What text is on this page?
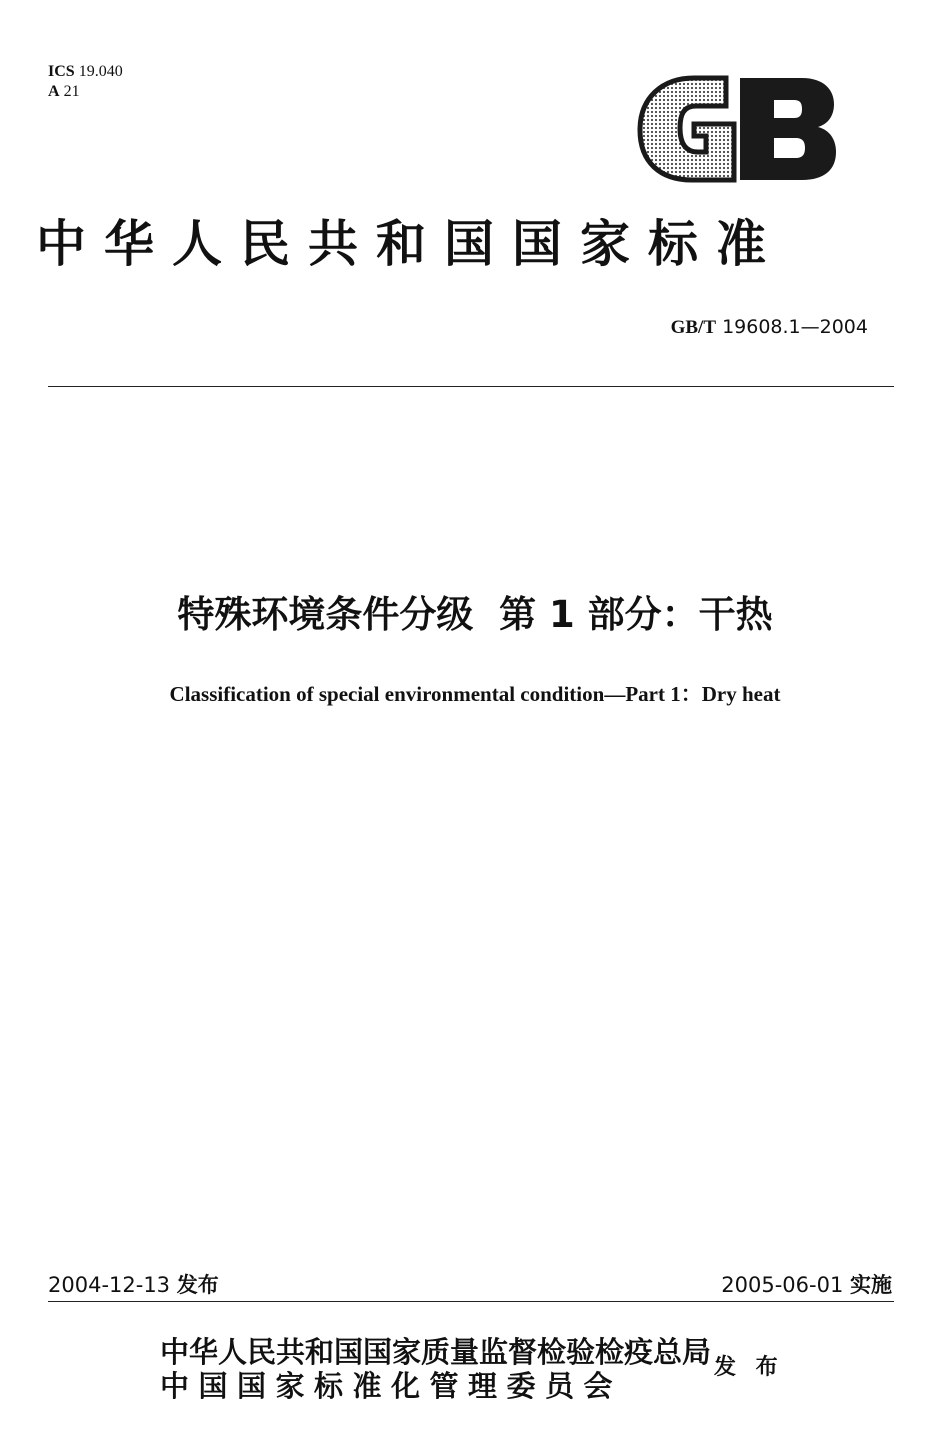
ICS 19.040
A 21
中华人民共和国国家标准
GB/T 19608.1—2004
特殊环境条件分级  第 1 部分：干热
Classification of special environmental condition—Part 1：Dry heat
2004-12-13 发布	2005-06-01 实施
中华人民共和国国家质量监督检验检疫总局
中国国家标准化管理委员会
发 布
